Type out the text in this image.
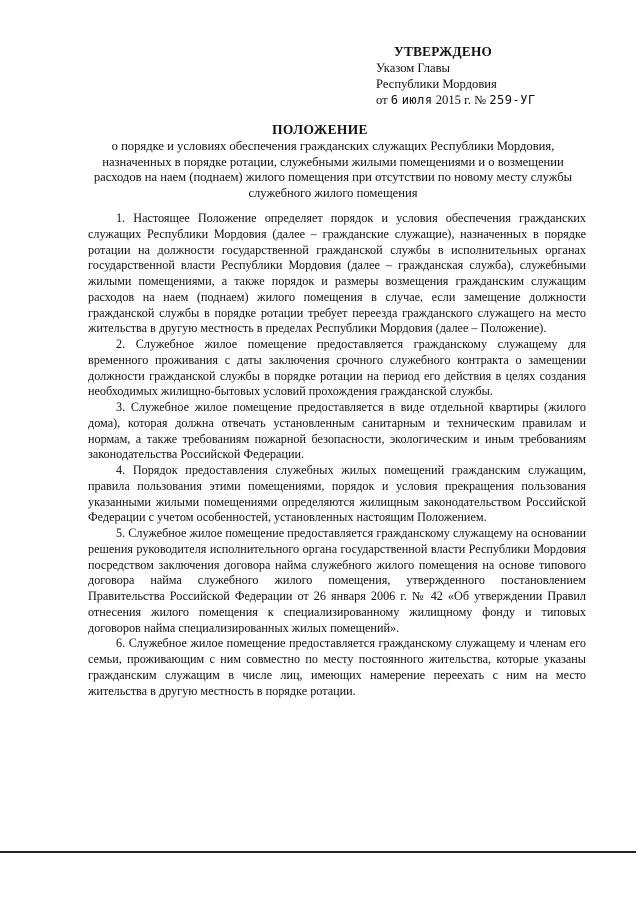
УТВЕРЖДЕНО
Указом Главы
Республики Мордовия
от 6 июля 2015 г. № 259-УГ
ПОЛОЖЕНИЕ
о порядке и условиях обеспечения гражданских служащих Республики Мордовия, назначенных в порядке ротации, служебными жилыми помещениями и о возмещении расходов на наем (поднаем) жилого помещения при отсутствии по новому месту службы служебного жилого помещения

1. Настоящее Положение определяет порядок и условия обеспечения гражданских служащих Республики Мордовия (далее – гражданские служащие), назначенных в порядке ротации на должности государственной гражданской службы в исполнительных органах государственной власти Республики Мордовия (далее – гражданская служба), служебными жилыми помещениями, а также порядок и размеры возмещения гражданским служащим расходов на наем (поднаем) жилого помещения в случае, если замещение должности гражданской службы в порядке ротации требует переезда гражданского служащего на место жительства в другую местность в пределах Республики Мордовия (далее – Положение).

2. Служебное жилое помещение предоставляется гражданскому служащему для временного проживания с даты заключения срочного служебного контракта о замещении должности гражданской службы в порядке ротации на период его действия в целях создания необходимых жилищно-бытовых условий прохождения гражданской службы.

3. Служебное жилое помещение предоставляется в виде отдельной квартиры (жилого дома), которая должна отвечать установленным санитарным и техническим правилам и нормам, а также требованиям пожарной безопасности, экологическим и иным требованиям законодательства Российской Федерации.

4. Порядок предоставления служебных жилых помещений гражданским служащим, правила пользования этими помещениями, порядок и условия прекращения пользования указанными жилыми помещениями определяются жилищным законодательством Российской Федерации с учетом особенностей, установленных настоящим Положением.

5. Служебное жилое помещение предоставляется гражданскому служащему на основании решения руководителя исполнительного органа государственной власти Республики Мордовия посредством заключения договора найма служебного жилого помещения на основе типового договора найма служебного жилого помещения, утвержденного постановлением Правительства Российской Федерации от 26 января 2006 г. № 42 «Об утверждении Правил отнесения жилого помещения к специализированному жилищному фонду и типовых договоров найма специализированных жилых помещений».

6. Служебное жилое помещение предоставляется гражданскому служащему и членам его семьи, проживающим с ним совместно по месту постоянного жительства, которые указаны гражданским служащим в числе лиц, имеющих намерение переехать с ним на место жительства в другую местность в порядке ротации.
